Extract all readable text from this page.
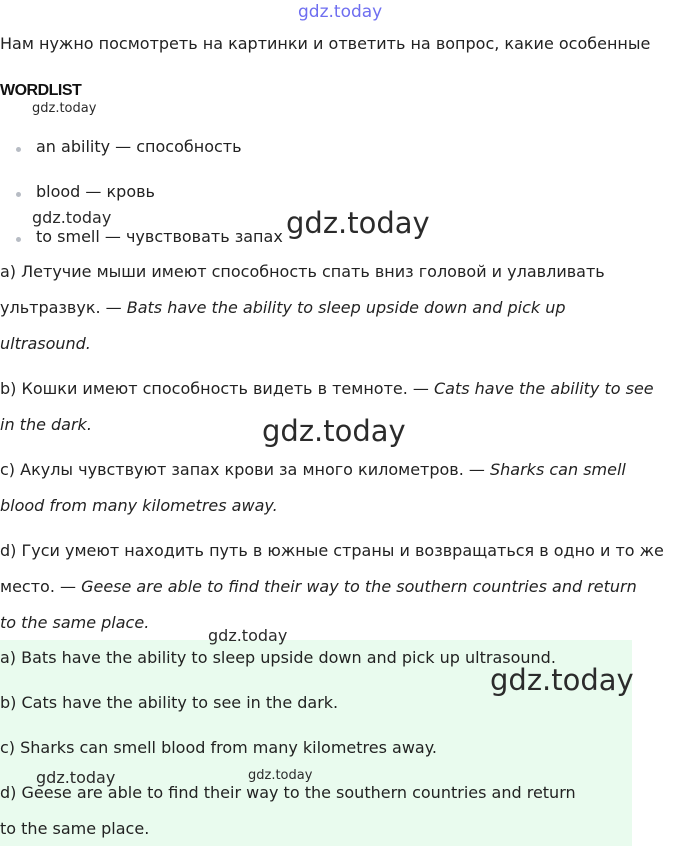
gdz.today
Нам нужно посмотреть на картинки и ответить на вопрос, какие особенные
WORDLIST
gdz.today
an ability — способность
blood — кровь
gdz.today
to smell — чувствовать запах gdz.today
a) Летучие мыши имеют способность спать вниз головой и улавливать
ультразвук. — Bats have the ability to sleep upside down and pick up
ultrasound.
b) Кошки имеют способность видеть в темноте. — Cats have the ability to see
in the dark.	gdz.today
c) Акулы чувствуют запах крови за много километров. — Sharks can smell
blood from many kilometres away.
d) Гуси умеют находить путь в южные страны и возвращаться в одно и то же
место. — Geese are able to find their way to the southern countries and return
to the same place.
gdz.today
a) Bats have the ability to sleep upside down and pick up ultrasound.
gdz.today
b) Cats have the ability to see in the dark.
c) Sharks can smell blood from many kilometres away.
gdz.today	gdz.today
d) Geese are able to find their way to the southern countries and return
to the same place.
